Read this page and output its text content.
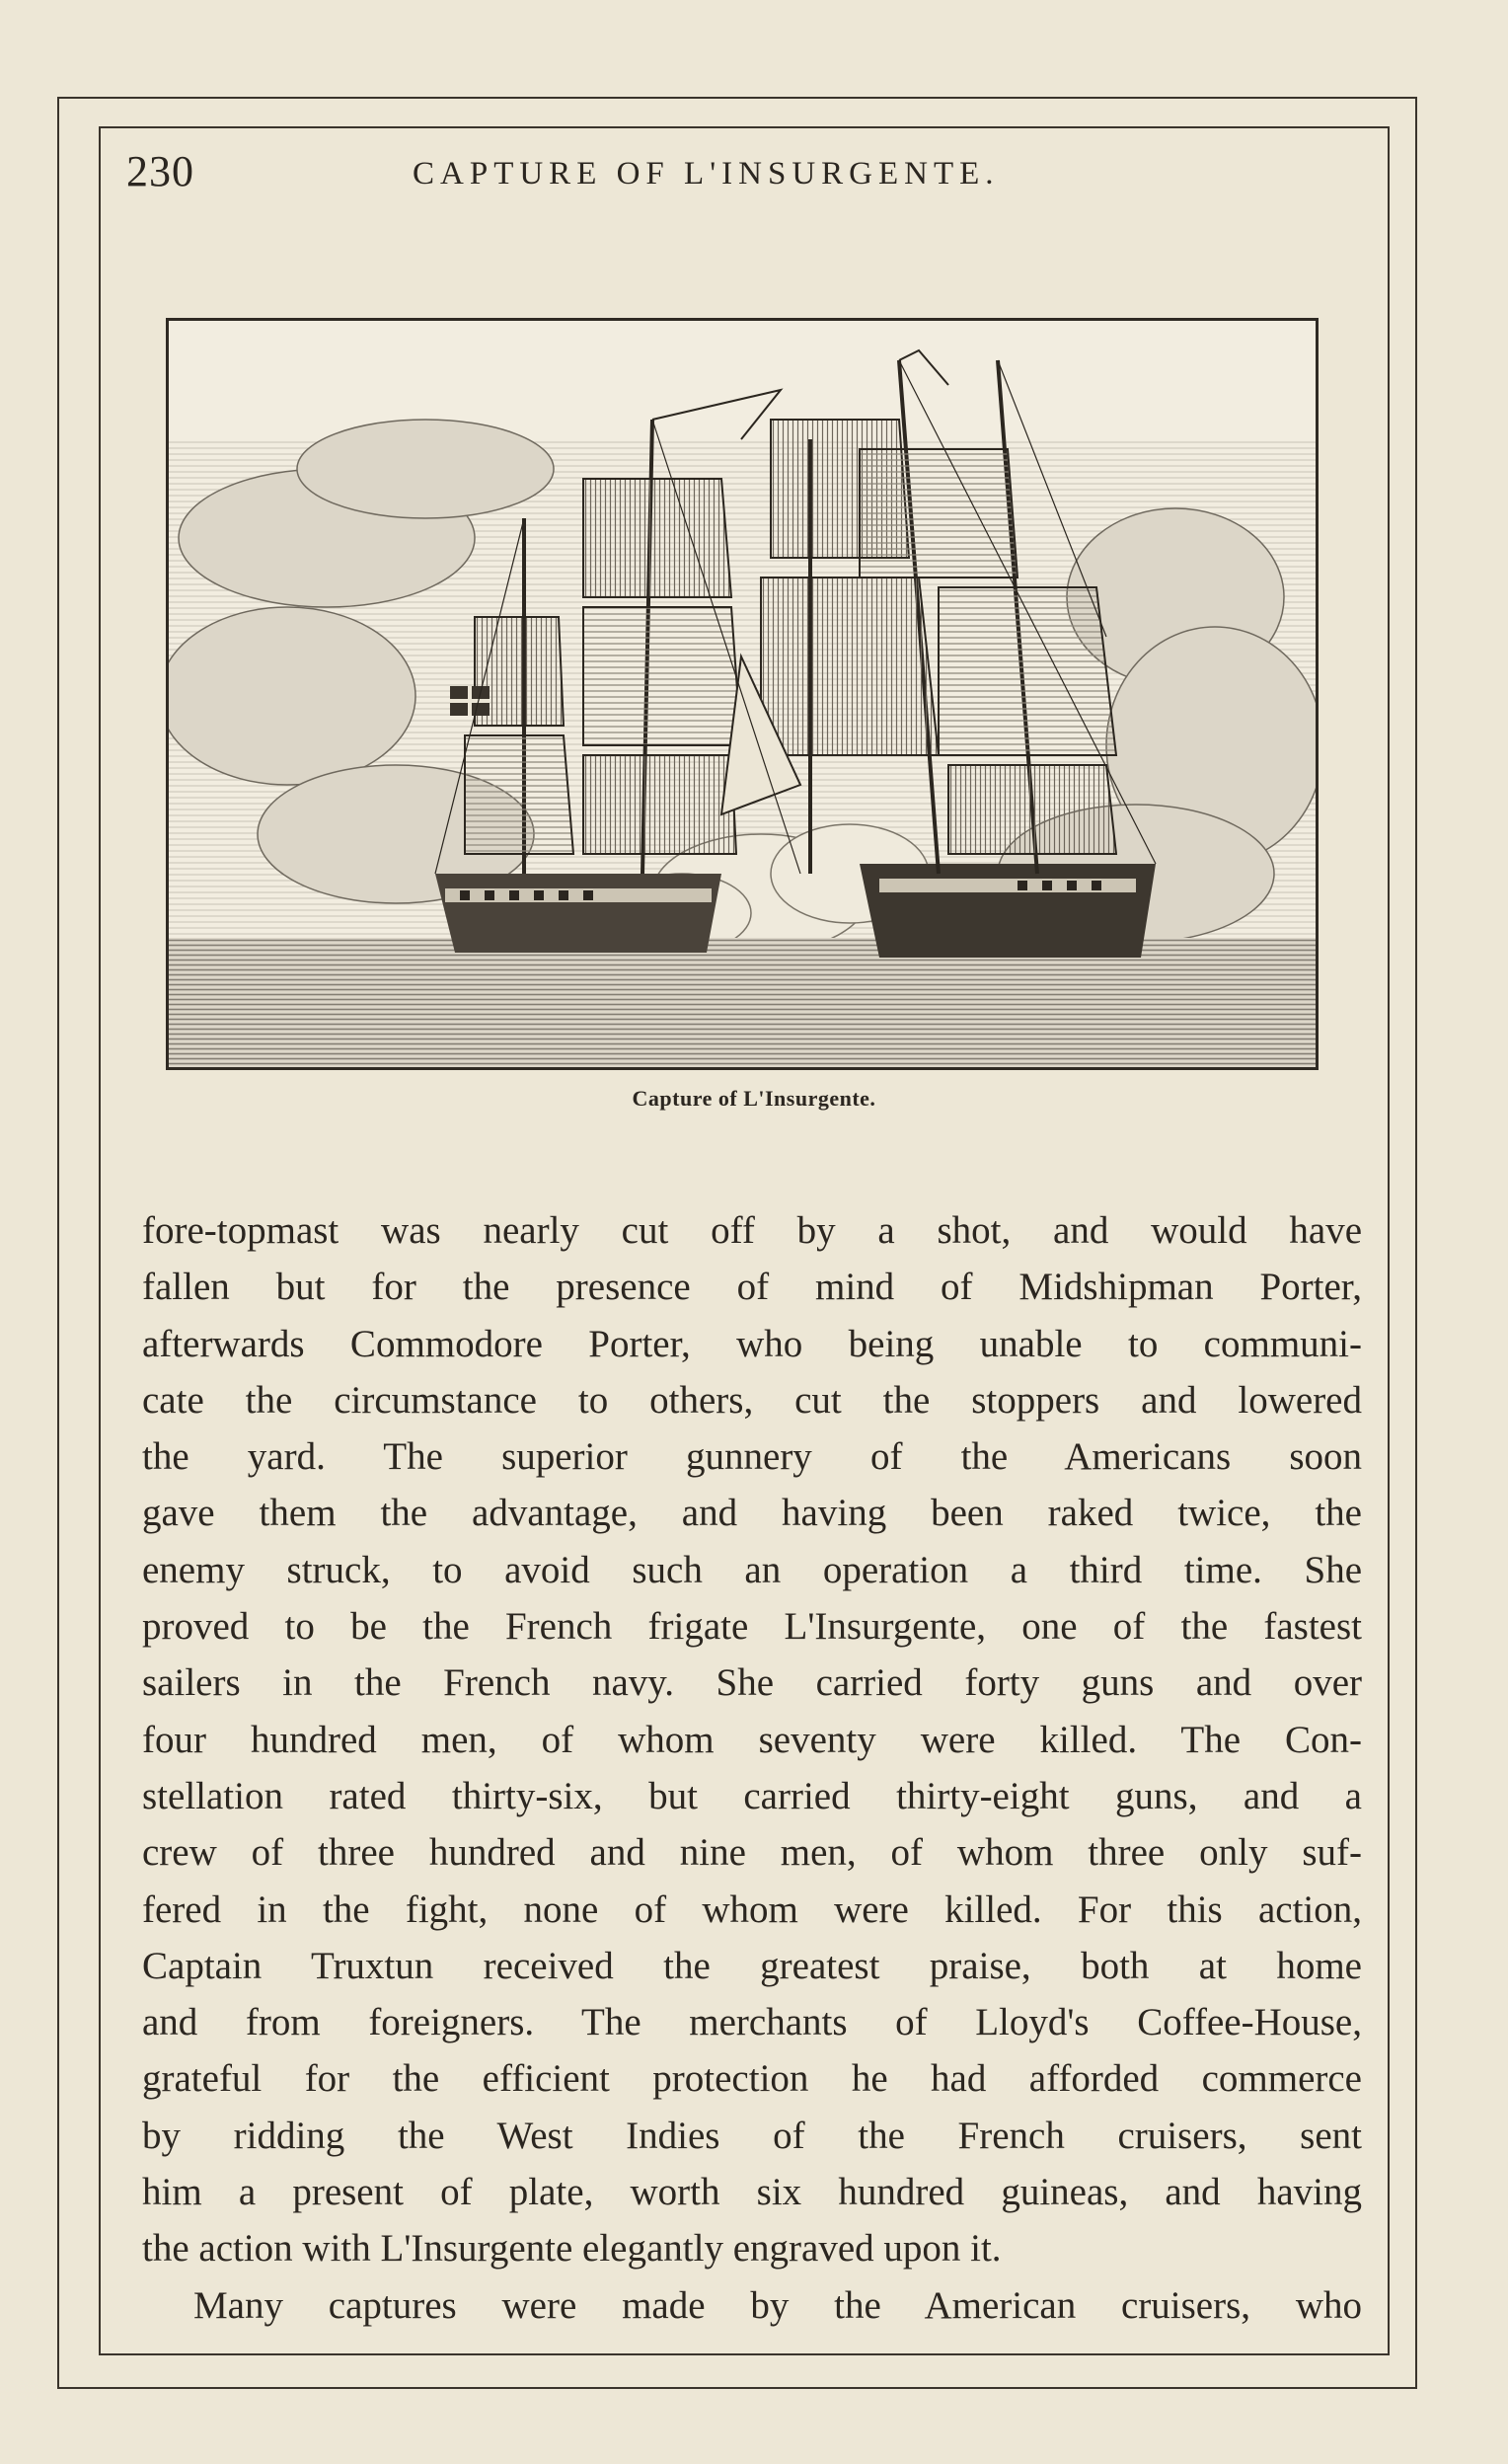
230	CAPTURE OF L'INSURGENTE.
Capture of L'Insurgente.
fore-topmast was nearly cut off by a shot, and would have
fallen but for the presence of mind of Midshipman Porter,
afterwards Commodore Porter, who being unable to communi-
cate the circumstance to others, cut the stoppers and lowered
the yard. The superior gunnery of the Americans soon
gave them the advantage, and having been raked twice, the
enemy struck, to avoid such an operation a third time. She
proved to be the French frigate L'Insurgente, one of the fastest
sailers in the French navy. She carried forty guns and over
four hundred men, of whom seventy were killed. The Con-
stellation rated thirty-six, but carried thirty-eight guns, and a
crew of three hundred and nine men, of whom three only suf-
fered in the fight, none of whom were killed. For this action,
Captain Truxtun received the greatest praise, both at home
and from foreigners. The merchants of Lloyd's Coffee-House,
grateful for the efficient protection he had afforded commerce
by ridding the West Indies of the French cruisers, sent
him a present of plate, worth six hundred guineas, and having
the action with L'Insurgente elegantly engraved upon it.
Many captures were made by the American cruisers, who
